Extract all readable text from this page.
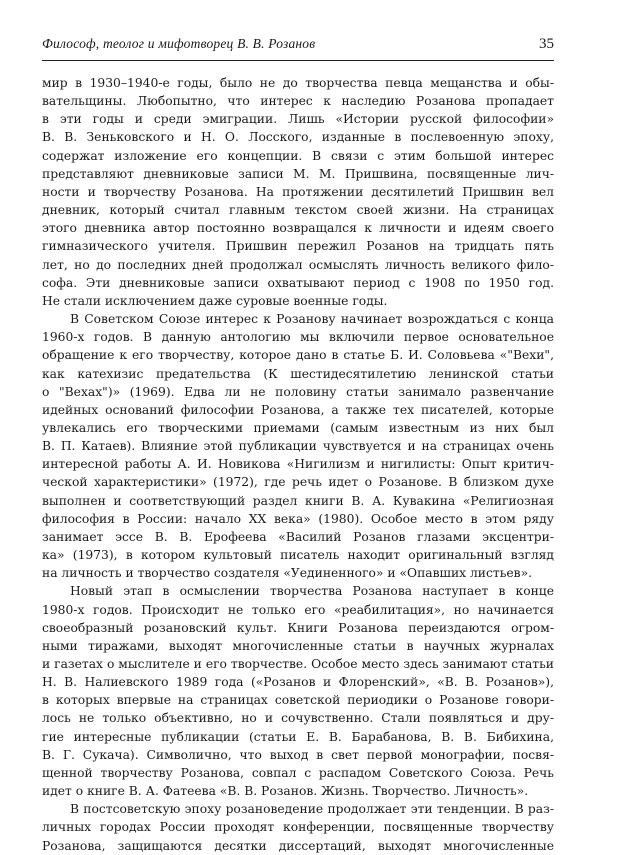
Философ, теолог и мифотворец В. В. Розанов	35

мир в 1930–1940-е годы, было не до творчества певца мещанства и обы-
вательщины. Любопытно, что интерес к наследию Розанова пропадает
в эти годы и среди эмиграции. Лишь «Истории русской философии»
В. В. Зеньковского и Н. О. Лосского, изданные в послевоенную эпоху,
содержат изложение его концепции. В связи с этим большой интерес
представляют дневниковые записи М. М. Пришвина, посвященные лич-
ности и творчеству Розанова. На протяжении десятилетий Пришвин вел
дневник, который считал главным текстом своей жизни. На страницах
этого дневника автор постоянно возвращался к личности и идеям своего
гимназического учителя. Пришвин пережил Розанов на тридцать пять
лет, но до последних дней продолжал осмыслять личность великого фило-
софа. Эти дневниковые записи охватывают период с 1908 по 1950 год.
Не стали исключением даже суровые военные годы.

В Советском Союзе интерес к Розанову начинает возрождаться с конца
1960-х годов. В данную антологию мы включили первое основательное
обращение к его творчеству, которое дано в статье Б. И. Соловьева «"Вехи",
как катехизис предательства (К шестидесятилетию ленинской статьи
о "Вехах")» (1969). Едва ли не половину статьи занимало развенчание
идейных оснований философии Розанова, а также тех писателей, которые
увлекались его творческими приемами (самым известным из них был
В. П. Катаев). Влияние этой публикации чувствуется и на страницах очень
интересной работы А. И. Новикова «Нигилизм и нигилисты: Опыт критич-
ческой характеристики» (1972), где речь идет о Розанове. В близком духе
выполнен и соответствующий раздел книги В. А. Кувакина «Религиозная
философия в России: начало XX века» (1980). Особое место в этом ряду
занимает эссе В. В. Ерофеева «Василий Розанов глазами эксцентри-
ка» (1973), в котором культовый писатель находит оригинальный взгляд
на личность и творчество создателя «Уединенного» и «Опавших листьев».

Новый этап в осмыслении творчества Розанова наступает в конце
1980-х годов. Происходит не только его «реабилитация», но начинается
своеобразный розановский культ. Книги Розанова переиздаются огром-
ными тиражами, выходят многочисленные статьи в научных журналах
и газетах о мыслителе и его творчестве. Особое место здесь занимают статьи
Н. В. Налиевского 1989 года («Розанов и Флоренский», «В. В. Розанов»),
в которых впервые на страницах советской периодики о Розанове говори-
лось не только объективно, но и сочувственно. Стали появляться и дру-
гие интересные публикации (статьи Е. В. Барабанова, В. В. Бибихина,
В. Г. Сукача). Символично, что выход в свет первой монографии, посвя-
щенной творчеству Розанова, совпал с распадом Советского Союза. Речь
идет о книге В. А. Фатеева «В. В. Розанов. Жизнь. Творчество. Личность».

В постсоветскую эпоху розановедение продолжает эти тенденции. В раз-
личных городах России проходят конференции, посвященные творчеству
Розанова, защищаются десятки диссертаций, выходят многочисленные
